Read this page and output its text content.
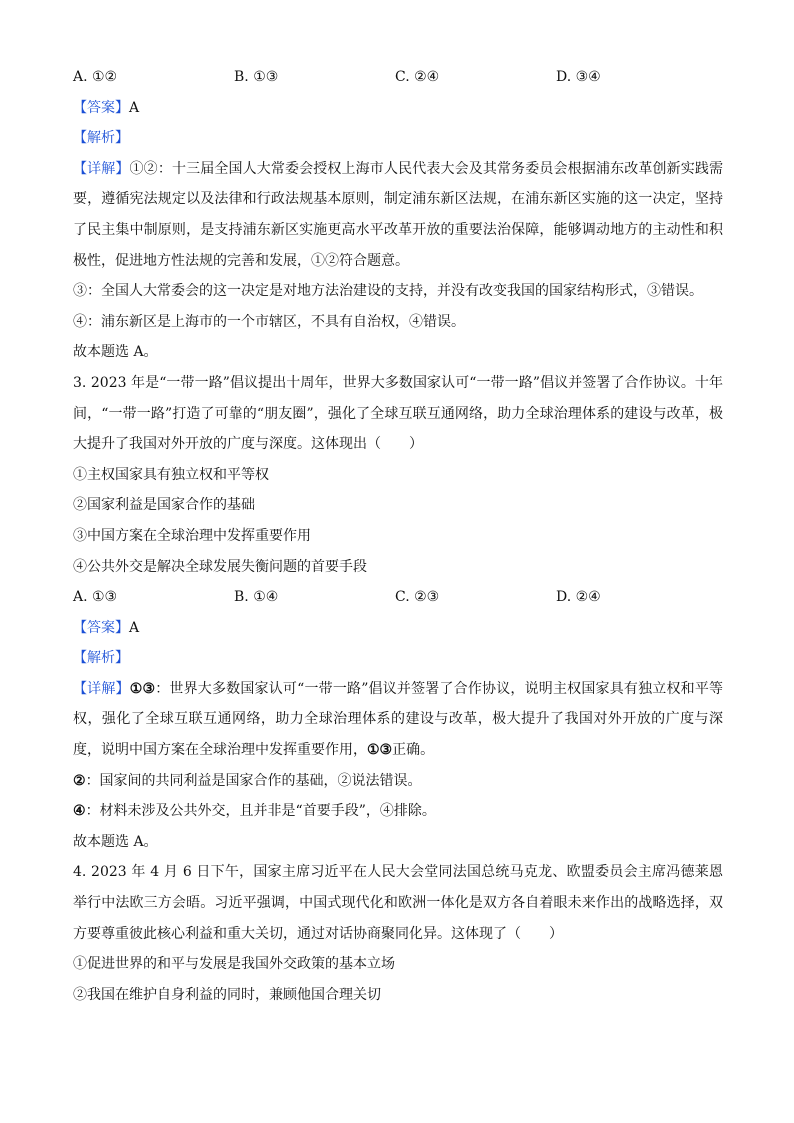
A. ①②	B. ①③	C. ②④	D. ③④
【答案】A
【解析】
【详解】①②：十三届全国人大常委会授权上海市人民代表大会及其常务委员会根据浦东改革创新实践需要，遵循宪法规定以及法律和行政法规基本原则，制定浦东新区法规，在浦东新区实施的这一决定，坚持了民主集中制原则，是支持浦东新区实施更高水平改革开放的重要法治保障，能够调动地方的主动性和积极性，促进地方性法规的完善和发展，①②符合题意。
③：全国人大常委会的这一决定是对地方法治建设的支持，并没有改变我国的国家结构形式，③错误。
④：浦东新区是上海市的一个市辖区，不具有自治权，④错误。
故本题选 A。
3. 2023 年是“一带一路”倡议提出十周年，世界大多数国家认可“一带一路”倡议并签署了合作协议。十年间，“一带一路”打造了可靠的“朋友圈”，强化了全球互联互通网络，助力全球治理体系的建设与改革，极大提升了我国对外开放的广度与深度。这体现出（　　）
①主权国家具有独立权和平等权
②国家利益是国家合作的基础
③中国方案在全球治理中发挥重要作用
④公共外交是解决全球发展失衡问题的首要手段
A. ①③	B. ①④	C. ②③	D. ②④
【答案】A
【解析】
【详解】①③：世界大多数国家认可“一带一路”倡议并签署了合作协议，说明主权国家具有独立权和平等权，强化了全球互联互通网络，助力全球治理体系的建设与改革，极大提升了我国对外开放的广度与深度，说明中国方案在全球治理中发挥重要作用，①③正确。
②：国家间的共同利益是国家合作的基础，②说法错误。
④：材料未涉及公共外交，且并非是“首要手段”，④排除。
故本题选 A。
4. 2023 年 4 月 6 日下午，国家主席习近平在人民大会堂同法国总统马克龙、欧盟委员会主席冯德莱恩举行中法欧三方会晤。习近平强调，中国式现代化和欧洲一体化是双方各自着眼未来作出的战略选择，双方要尊重彼此核心利益和重大关切，通过对话协商聚同化异。这体现了（　　）
①促进世界的和平与发展是我国外交政策的基本立场
②我国在维护自身利益的同时，兼顾他国合理关切
